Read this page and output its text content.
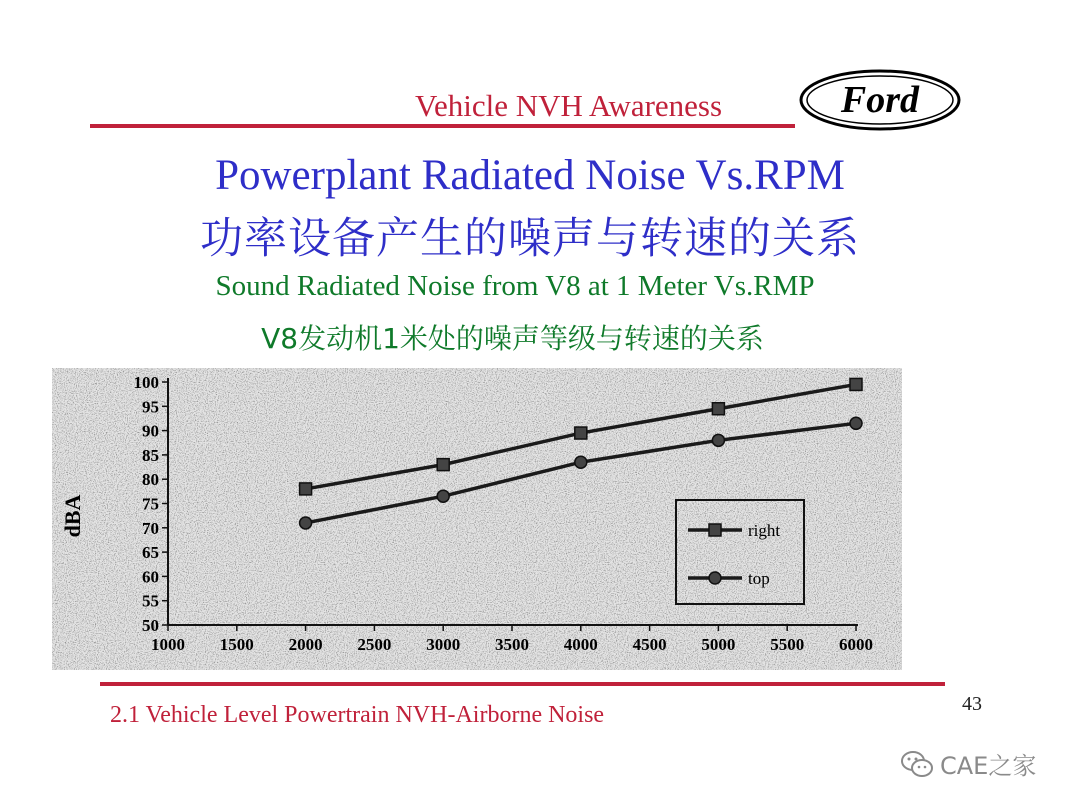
Vehicle NVH Awareness	Ford
Powerplant Radiated Noise Vs.RPM
功率设备产生的噪声与转速的关系
Sound Radiated Noise from V8 at 1 Meter Vs.RMP
V8发动机1米处的噪声等级与转速的关系
50
55
60
65
70
75
80
85
90
95
100
1000 1500 2000 2500 3000 3500 4000 4500 5000 5500 6000
right
top
dBA
43
2.1 Vehicle Level Powertrain NVH-Airborne Noise
CAE之家
